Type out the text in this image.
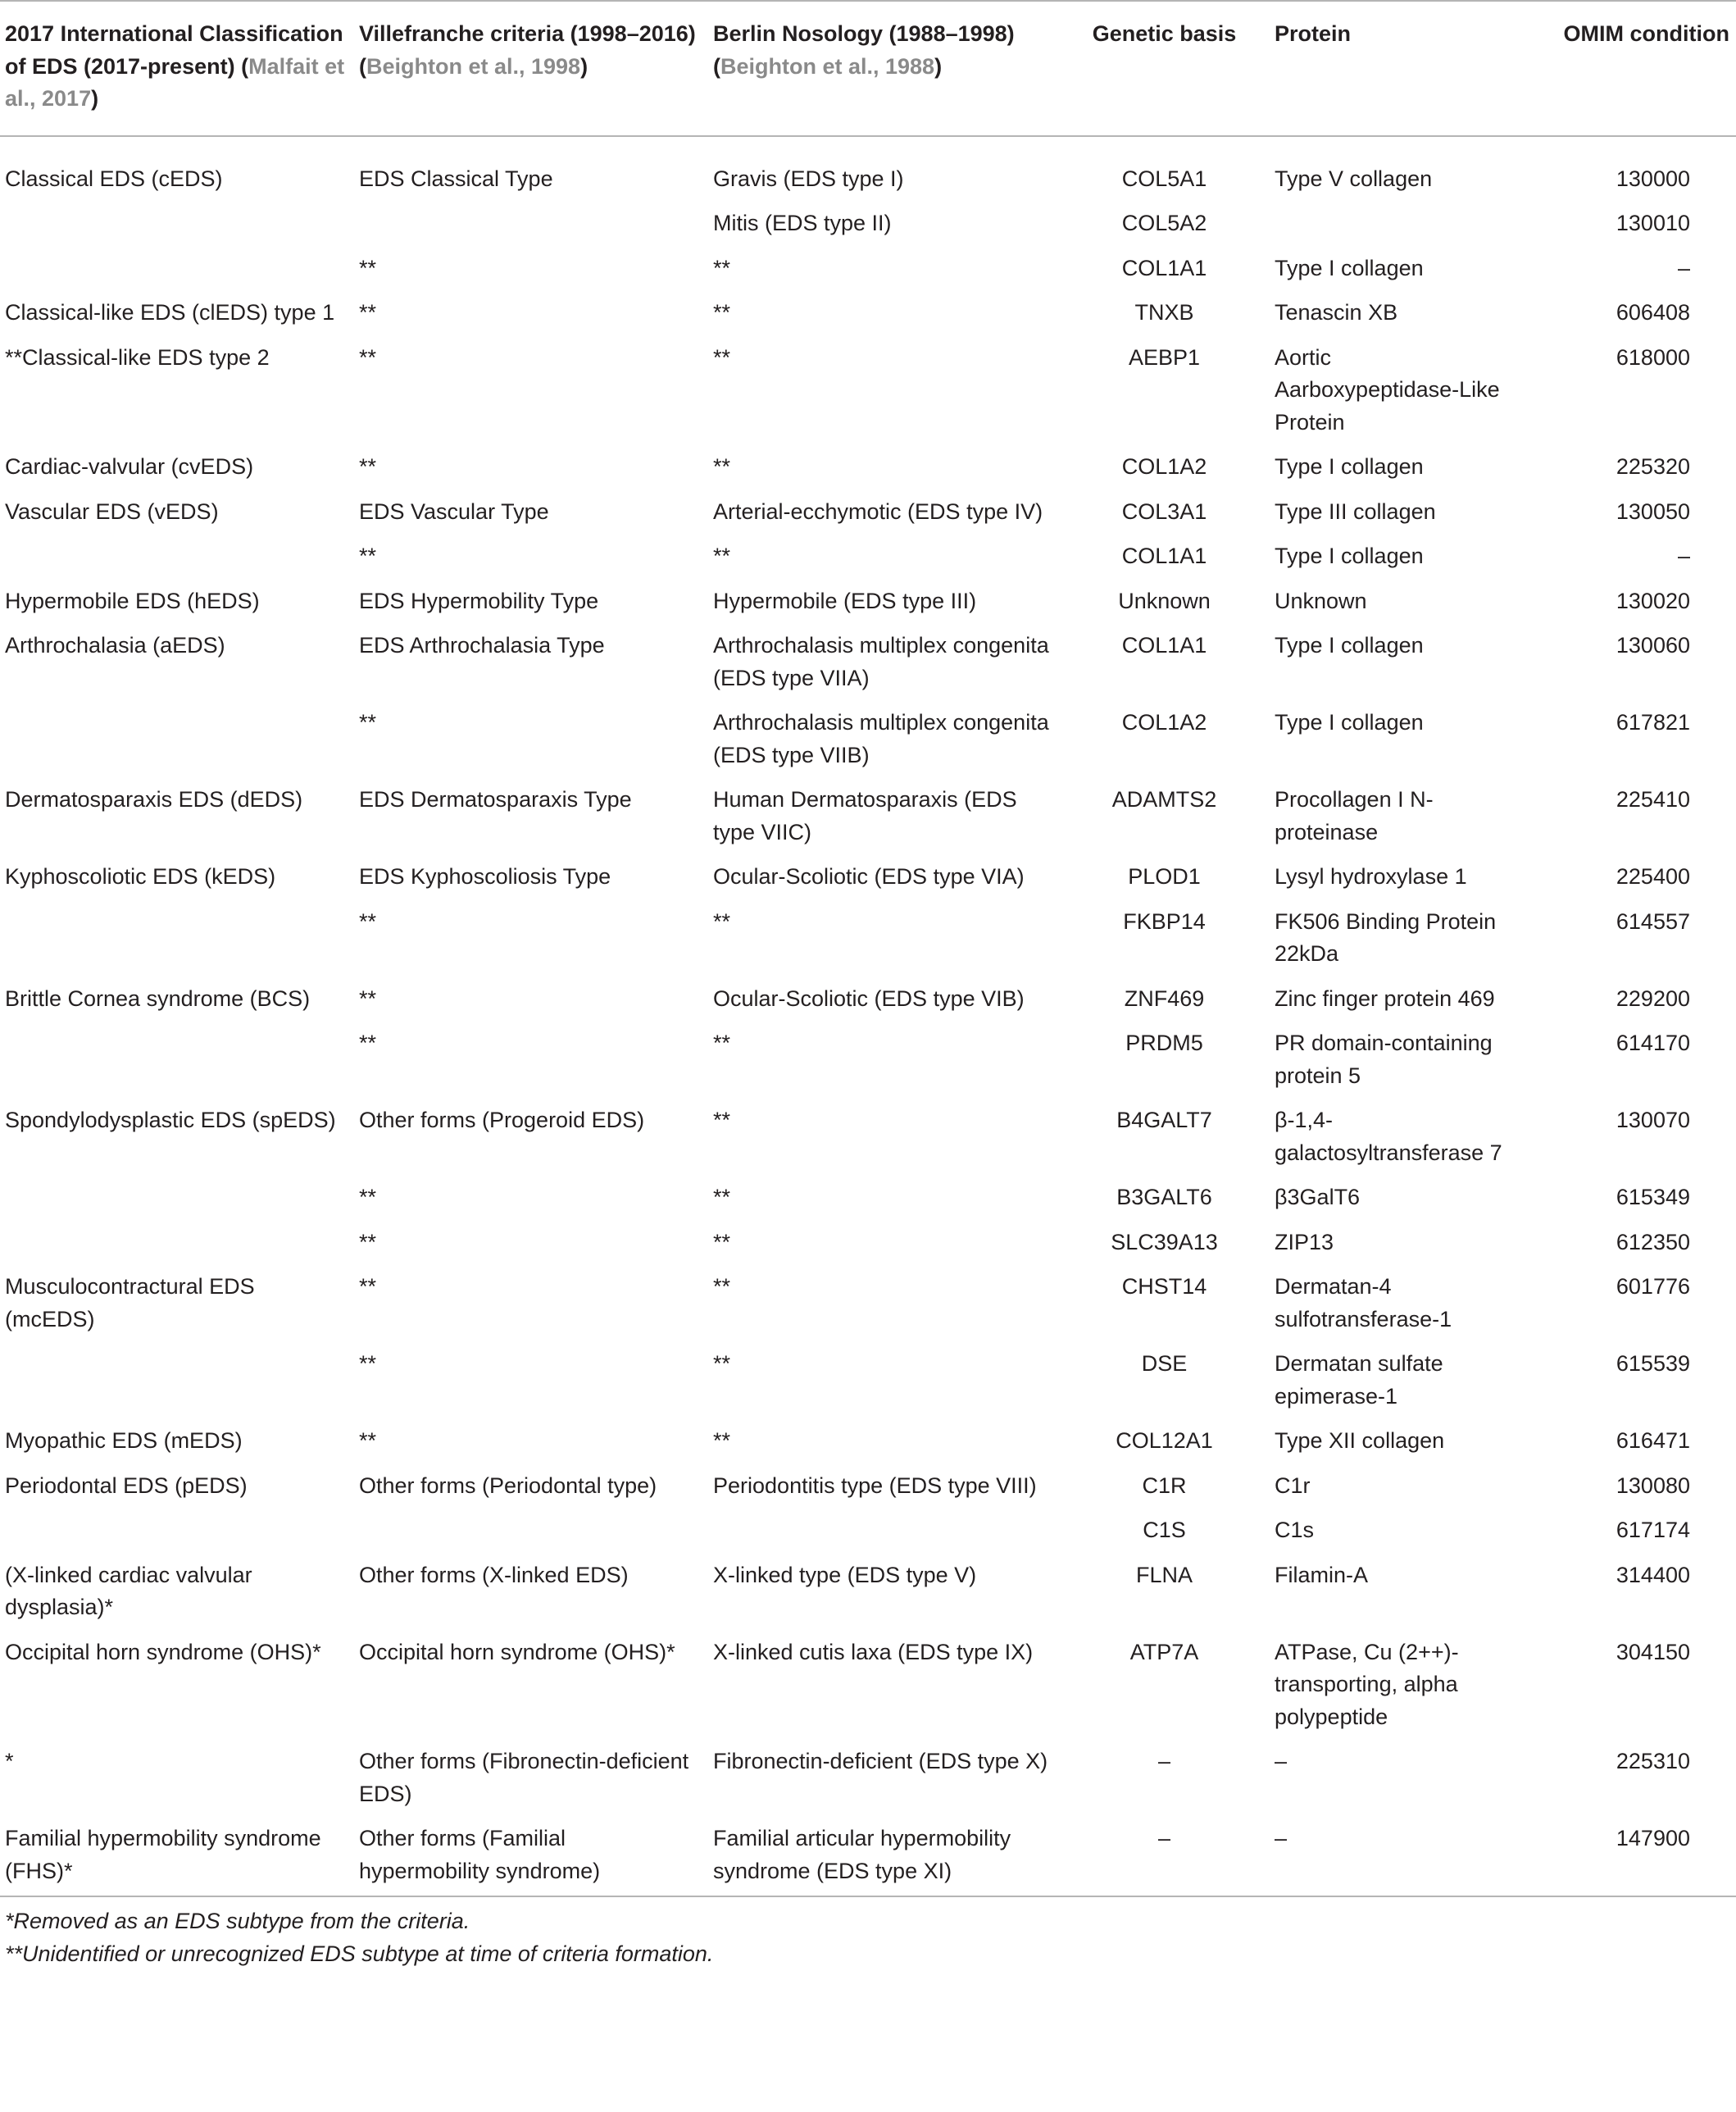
2017 International Classification of EDS (2017-present) (Malfait et al., 2017)	Villefranche criteria (1998–2016) (Beighton et al., 1998)	Berlin Nosology (1988–1998) (Beighton et al., 1988)	Genetic basis	Protein	OMIM condition
Classical EDS (cEDS)	EDS Classical Type	Gravis (EDS type I)	COL5A1	Type V collagen	130000
		Mitis (EDS type II)	COL5A2		130010
	**	**	COL1A1	Type I collagen	–
Classical-like EDS (clEDS) type 1	**	**	TNXB	Tenascin XB	606408
**Classical-like EDS type 2	**	**	AEBP1	Aortic Aarboxypeptidase-Like Protein	618000
Cardiac-valvular (cvEDS)	**	**	COL1A2	Type I collagen	225320
Vascular EDS (vEDS)	EDS Vascular Type	Arterial-ecchymotic (EDS type IV)	COL3A1	Type III collagen	130050
	**	**	COL1A1	Type I collagen	–
Hypermobile EDS (hEDS)	EDS Hypermobility Type	Hypermobile (EDS type III)	Unknown	Unknown	130020
Arthrochalasia (aEDS)	EDS Arthrochalasia Type	Arthrochalasis multiplex congenita (EDS type VIIA)	COL1A1	Type I collagen	130060
	**	Arthrochalasis multiplex congenita (EDS type VIIB)	COL1A2	Type I collagen	617821
Dermatosparaxis EDS (dEDS)	EDS Dermatosparaxis Type	Human Dermatosparaxis (EDS type VIIC)	ADAMTS2	Procollagen I N-proteinase	225410
Kyphoscoliotic EDS (kEDS)	EDS Kyphoscoliosis Type	Ocular-Scoliotic (EDS type VIA)	PLOD1	Lysyl hydroxylase 1	225400
	**	**	FKBP14	FK506 Binding Protein 22kDa	614557
Brittle Cornea syndrome (BCS)	**	Ocular-Scoliotic (EDS type VIB)	ZNF469	Zinc finger protein 469	229200
	**	**	PRDM5	PR domain-containing protein 5	614170
Spondylodysplastic EDS (spEDS)	Other forms (Progeroid EDS)	**	B4GALT7	β-1,4-galactosyltransferase 7	130070
	**	**	B3GALT6	β3GalT6	615349
	**	**	SLC39A13	ZIP13	612350
Musculocontractural EDS (mcEDS)	**	**	CHST14	Dermatan-4 sulfotransferase-1	601776
	**	**	DSE	Dermatan sulfate epimerase-1	615539
Myopathic EDS (mEDS)	**	**	COL12A1	Type XII collagen	616471
Periodontal EDS (pEDS)	Other forms (Periodontal type)	Periodontitis type (EDS type VIII)	C1R	C1r	130080
			C1S	C1s	617174
(X-linked cardiac valvular dysplasia)*	Other forms (X-linked EDS)	X-linked type (EDS type V)	FLNA	Filamin-A	314400
Occipital horn syndrome (OHS)*	Occipital horn syndrome (OHS)*	X-linked cutis laxa (EDS type IX)	ATP7A	ATPase, Cu (2++)-transporting, alpha polypeptide	304150
*	Other forms (Fibronectin-deficient EDS)	Fibronectin-deficient (EDS type X)	–	–	225310
Familial hypermobility syndrome (FHS)*	Other forms (Familial hypermobility syndrome)	Familial articular hypermobility syndrome (EDS type XI)	–	–	147900
*Removed as an EDS subtype from the criteria.
**Unidentified or unrecognized EDS subtype at time of criteria formation.
